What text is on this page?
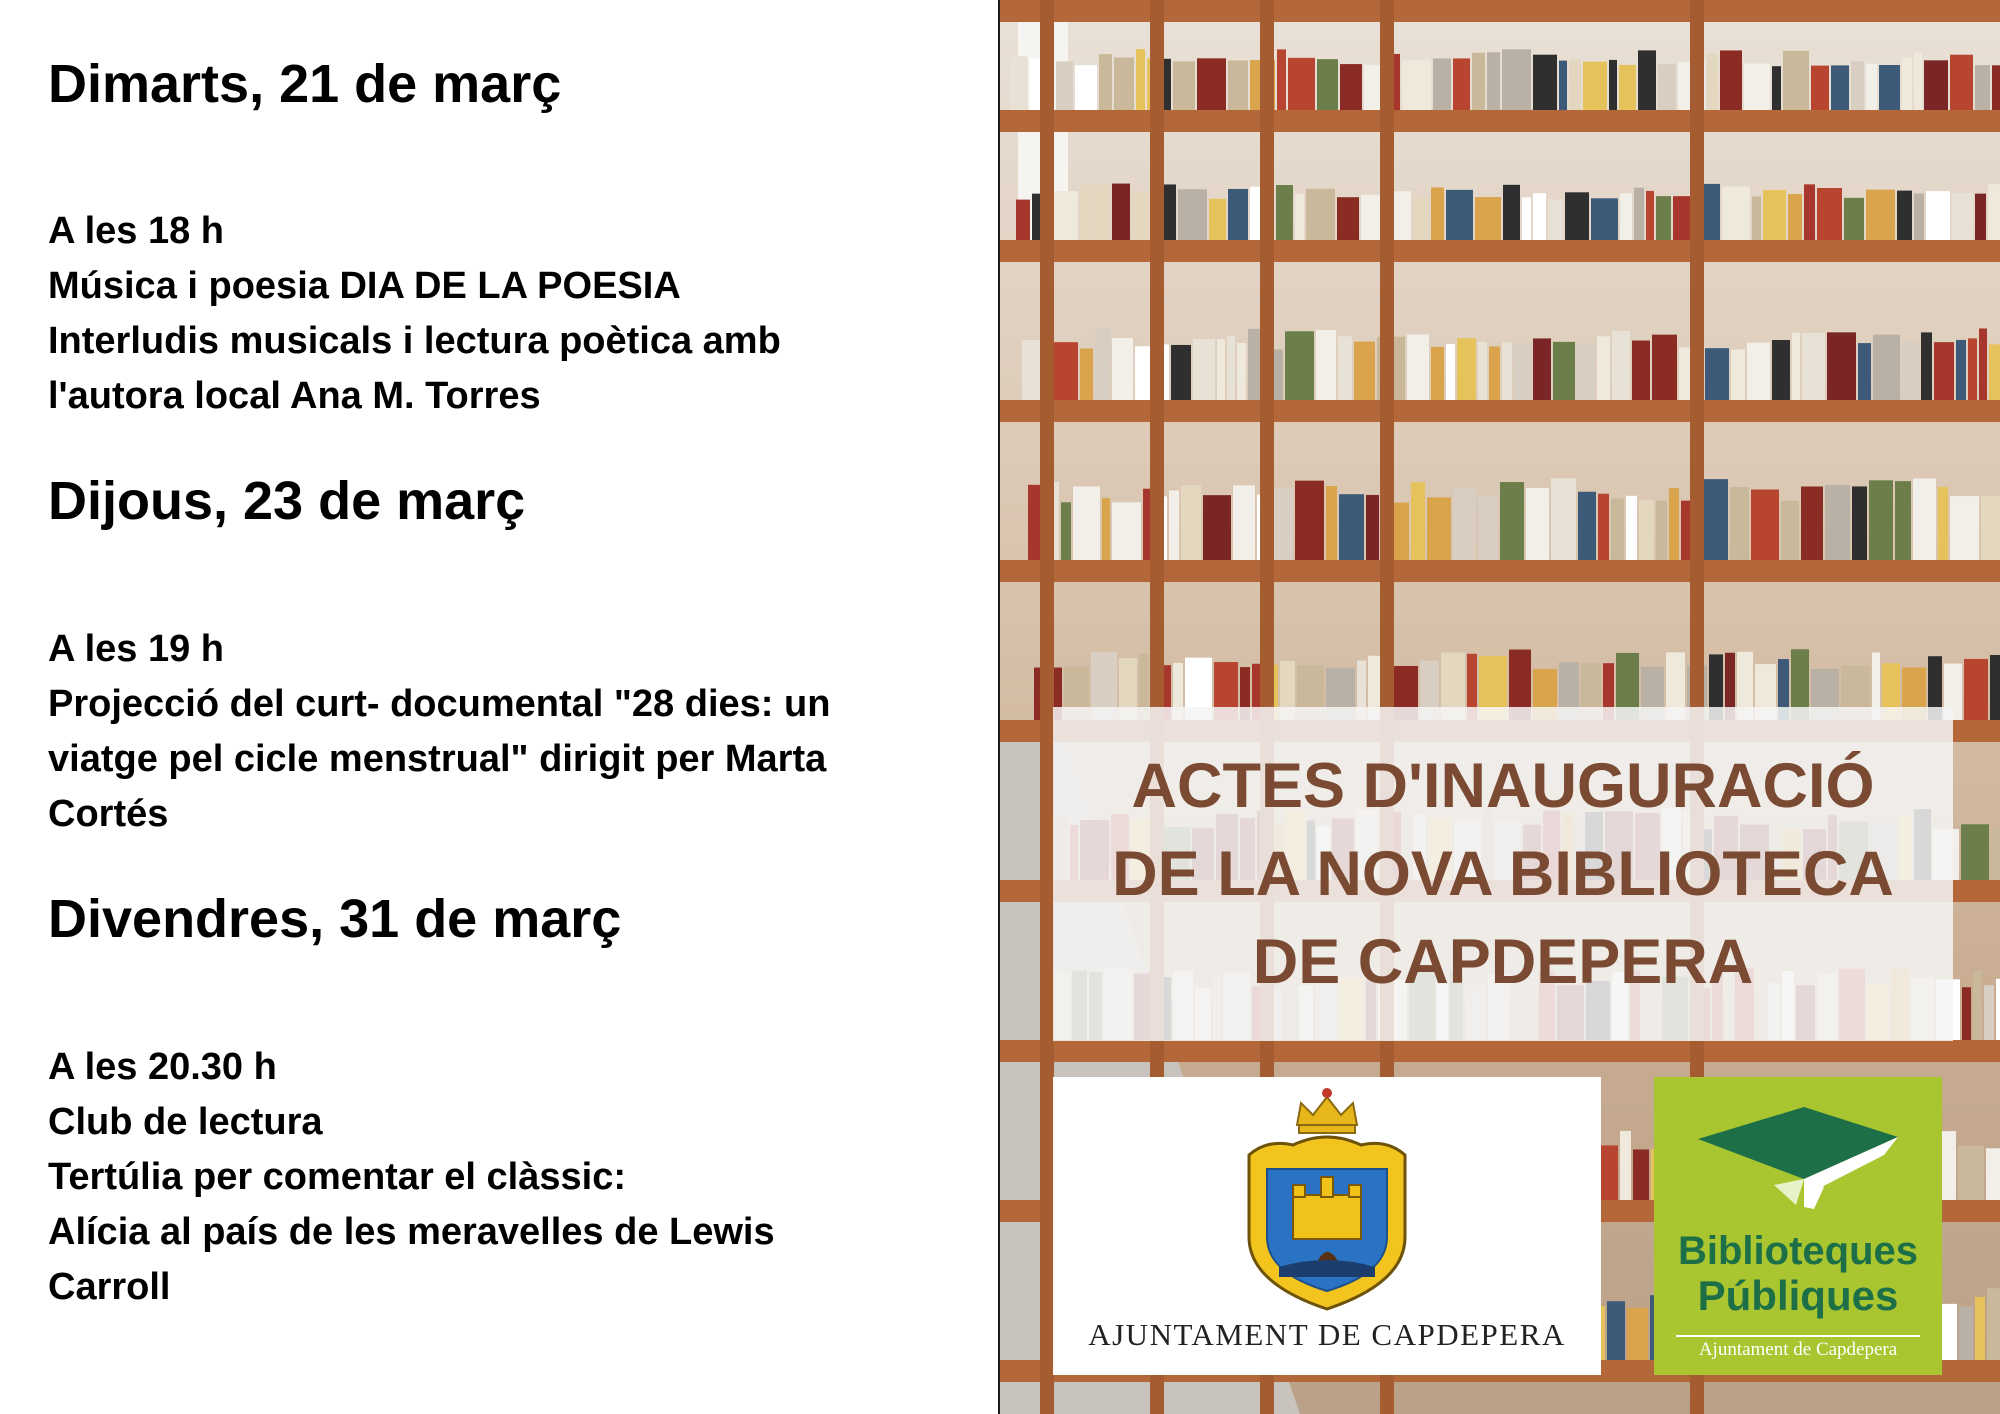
Dimarts, 21 de març

A les 18 h

Música i poesia DIA DE LA POESIA

Interludis musicals i lectura poètica amb

l'autora local Ana M. Torres

Dijous, 23 de març

A les 19 h

Projecció del curt- documental "28 dies: un

viatge pel cicle menstrual" dirigit per Marta

Cortés

Divendres, 31 de març

A les 20.30 h

Club de lectura

Tertúlia per comentar el clàssic:

Alícia al país de les meravelles de Lewis

Carroll

ACTES D'INAUGURACIÓ
DE LA NOVA BIBLIOTECA
DE CAPDEPERA
AJUNTAMENT DE CAPDEPERA
Biblioteques
Públiques
Ajuntament de Capdepera
